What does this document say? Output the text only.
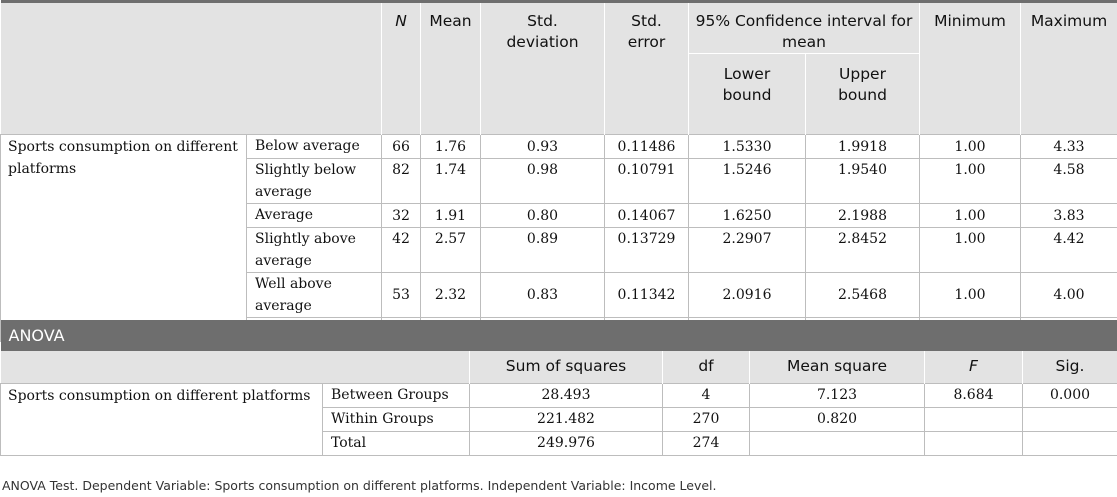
		N	Mean	Std. deviation	Std. error	95% Confidence interval for mean		Minimum	Maximum
						Lower bound	Upper bound		
Sports consumption on different platforms	Below average	66	1.76	0.93	0.11486	1.5330	1.9918	1.00	4.33
	Slightly below average	82	1.74	0.98	0.10791	1.5246	1.9540	1.00	4.58
	Average	32	1.91	0.80	0.14067	1.6250	2.1988	1.00	3.83
	Slightly above average	42	2.57	0.89	0.13729	2.2907	2.8452	1.00	4.42
	Well above average	53	2.32	0.83	0.11342	2.0916	2.5468	1.00	4.00

ANOVA						
		Sum of squares	df	Mean square	F	Sig.
Sports consumption on different platforms	Between Groups	28.493	4	7.123	8.684	0.000
	Within Groups	221.482	270	0.820		
	Total	249.976	274			
ANOVA Test. Dependent Variable: Sports consumption on different platforms. Independent Variable: Income Level.
